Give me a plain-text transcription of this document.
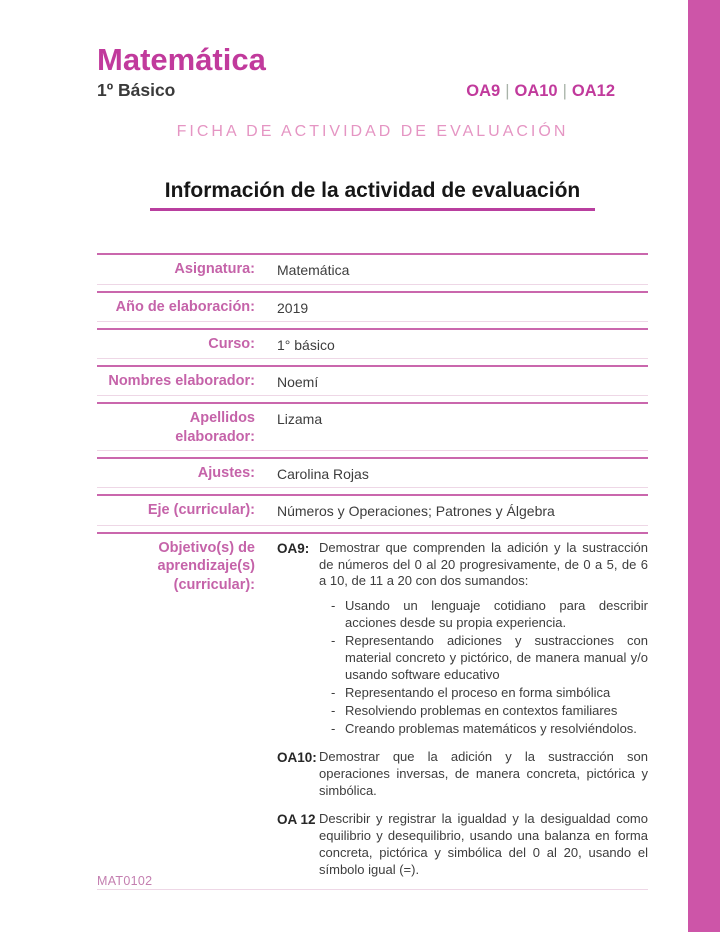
Matemática
1º Básico	OA9 | OA10 | OA12
FICHA DE ACTIVIDAD DE EVALUACIÓN
Información de la actividad de evaluación
Asignatura: Matemática
Año de elaboración: 2019
Curso: 1° básico
Nombres elaborador: Noemí
Apellidos elaborador:
Lizama
Ajustes: Carolina Rojas
Eje (curricular): Números y Operaciones; Patrones y Álgebra
Objetivo(s) de aprendizaje(s) (curricular):
OA9: Demostrar que comprenden la adición y la sustracción de números del 0 al 20 progresivamente, de 0 a 5, de 6 a 10, de 11 a 20 con dos sumandos:

- Usando un lenguaje cotidiano para describir acciones desde su propia experiencia.
- Representando adiciones y sustracciones con material concreto y pictórico, de manera manual y/o usando software educativo
- Representando el proceso en forma simbólica
- Resolviendo problemas en contextos familiares
- Creando problemas matemáticos y resolviéndolos.
OA10: Demostrar que la adición y la sustracción son operaciones inversas, de manera concreta, pictórica y simbólica.

OA 12 Describir y registrar la igualdad y la desigualdad como equilibrio y desequilibrio, usando una balanza en forma concreta, pictórica y simbólica del 0 al 20, usando el símbolo igual (=).

MAT0102
